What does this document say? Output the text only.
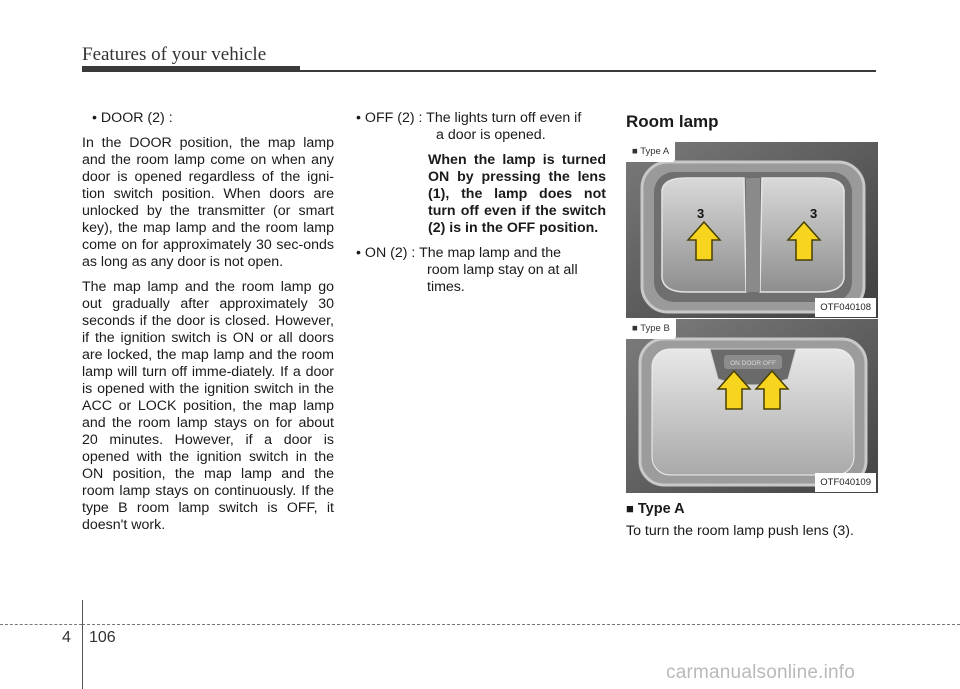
Features of your vehicle

• DOOR (2) :

In the DOOR position, the map lamp and the room lamp come on when any door is opened regardless of the igni-tion switch position. When doors are unlocked by the transmitter (or smart key), the map lamp and the room lamp come on for approximately 30 sec-onds as long as any door is not open.

The map lamp and the room lamp go out gradually after approximately 30 seconds if the door is closed. However, if the ignition switch is ON or all doors are locked, the map lamp and the room lamp will turn off imme-diately. If a door is opened with the ignition switch in the ACC or LOCK position, the map lamp and the room lamp stays on for about 20 minutes. However, if a door is opened with the ignition switch in the ON position, the map lamp and the room lamp stays on continuously. If the type B room lamp switch is OFF, it doesn't work.

• OFF (2) : The lights turn off even if
a door is opened.

When the lamp is turned ON by pressing the lens (1), the lamp does not turn off even if the switch (2) is in the OFF position.

• ON (2) : The map lamp and the
room lamp stay on at all
times.
Room lamp
3	3
■ Type A
OTF040108
ON DOOR OFF
■ Type B
OTF040109

■ Type A

To turn the room lamp push lens (3).

4 106
carmanualsonline.info
